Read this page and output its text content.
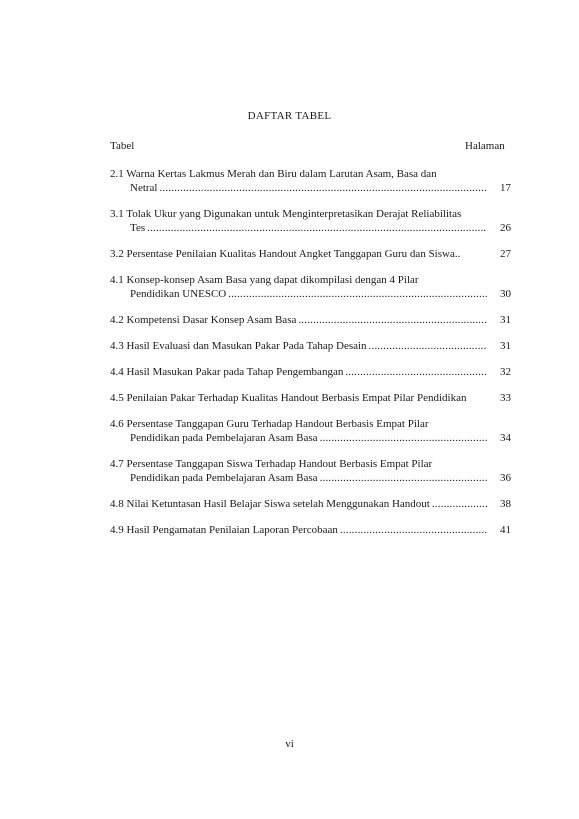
DAFTAR TABEL
Tabel	Halaman
2.1 Warna Kertas Lakmus Merah dan Biru dalam Larutan Asam, Basa dan
Netral .....	17
3.1 Tolak Ukur yang Digunakan untuk Menginterpretasikan Derajat Reliabilitas
Tes .....	26
3.2 Persentase Penilaian Kualitas Handout Angket Tanggapan Guru dan Siswa..	27
4.1 Konsep-konsep Asam Basa yang dapat dikompilasi dengan 4 Pilar
Pendidikan UNESCO .....	30
4.2 Kompetensi Dasar Konsep Asam Basa .....	31
4.3 Hasil Evaluasi dan Masukan Pakar Pada Tahap Desain .....	31
4.4 Hasil Masukan Pakar pada Tahap Pengembangan .....	32
4.5 Penilaian Pakar Terhadap Kualitas Handout Berbasis Empat Pilar Pendidikan	33
4.6 Persentase Tanggapan Guru Terhadap Handout Berbasis Empat Pilar
Pendidikan pada Pembelajaran Asam Basa .....	34
4.7 Persentase Tanggapan Siswa Terhadap Handout Berbasis Empat Pilar
Pendidikan pada Pembelajaran Asam Basa .....	36
4.8 Nilai Ketuntasan Hasil Belajar Siswa setelah Menggunakan Handout .....	38
4.9 Hasil Pengamatan Penilaian Laporan Percobaan .....	41
vi
